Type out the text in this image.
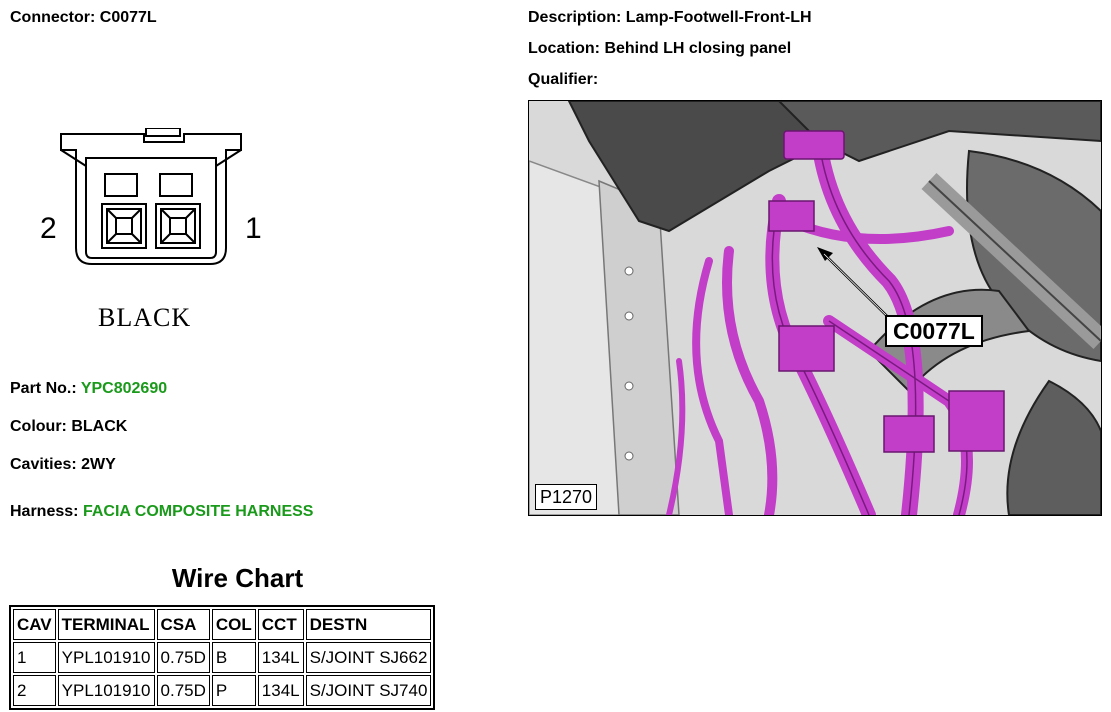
Connector: C0077L	Description: Lamp-Footwell-Front-LH
Location: Behind LH closing panel
Qualifier:
2	1
BLACK
Part No.: YPC802690
Colour: BLACK
Cavities: 2WY
Harness: FACIA COMPOSITE HARNESS
Wire Chart
CAV	TERMINAL	CSA	COL	CCT	DESTN
1	YPL101910	0.75D	B	134L	S/JOINT SJ662
2	YPL101910	0.75D	P	134L	S/JOINT SJ740
C0077L
P1270
